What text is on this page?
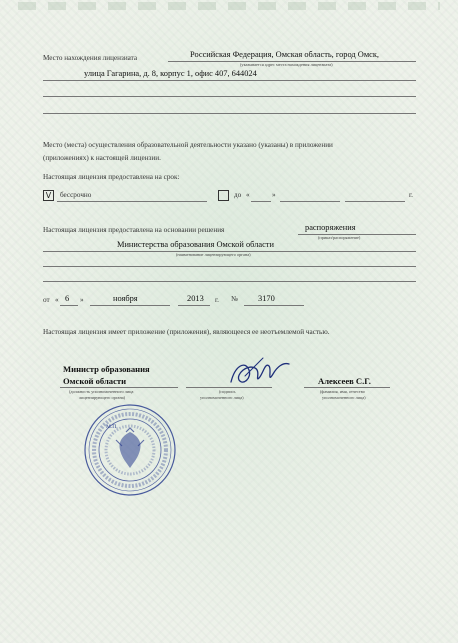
Место нахождения лицензиата	Российская Федерация, Омская область, город Омск,
(указывается адрес места нахождения лицензиата)
улица Гагарина, д. 8, корпус 1, офис 407, 644024
Место (места) осуществления образовательной деятельности указано (указаны) в приложении
(приложениях) к настоящей лицензии.
Настоящая лицензия предоставлена на срок:
V	бессрочно	до «	»	г.
Настоящая лицензия предоставлена на основании решения	распоряжения
(приказ/распоряжение)
Министерства образования Омской области
(наименование лицензирующего органа)
от « 6 »	ноября	2013 г. № 3170
Настоящая лицензия имеет приложение (приложения), являющееся ее неотъемлемой частью.
Министр образования
Омской области
(должность уполномоченного лица
лицензирующего органа)
(подпись
уполномоченного лица)
Алексеев С.Г.
(фамилия, имя, отчество
уполномоченного лица)
М.П.
